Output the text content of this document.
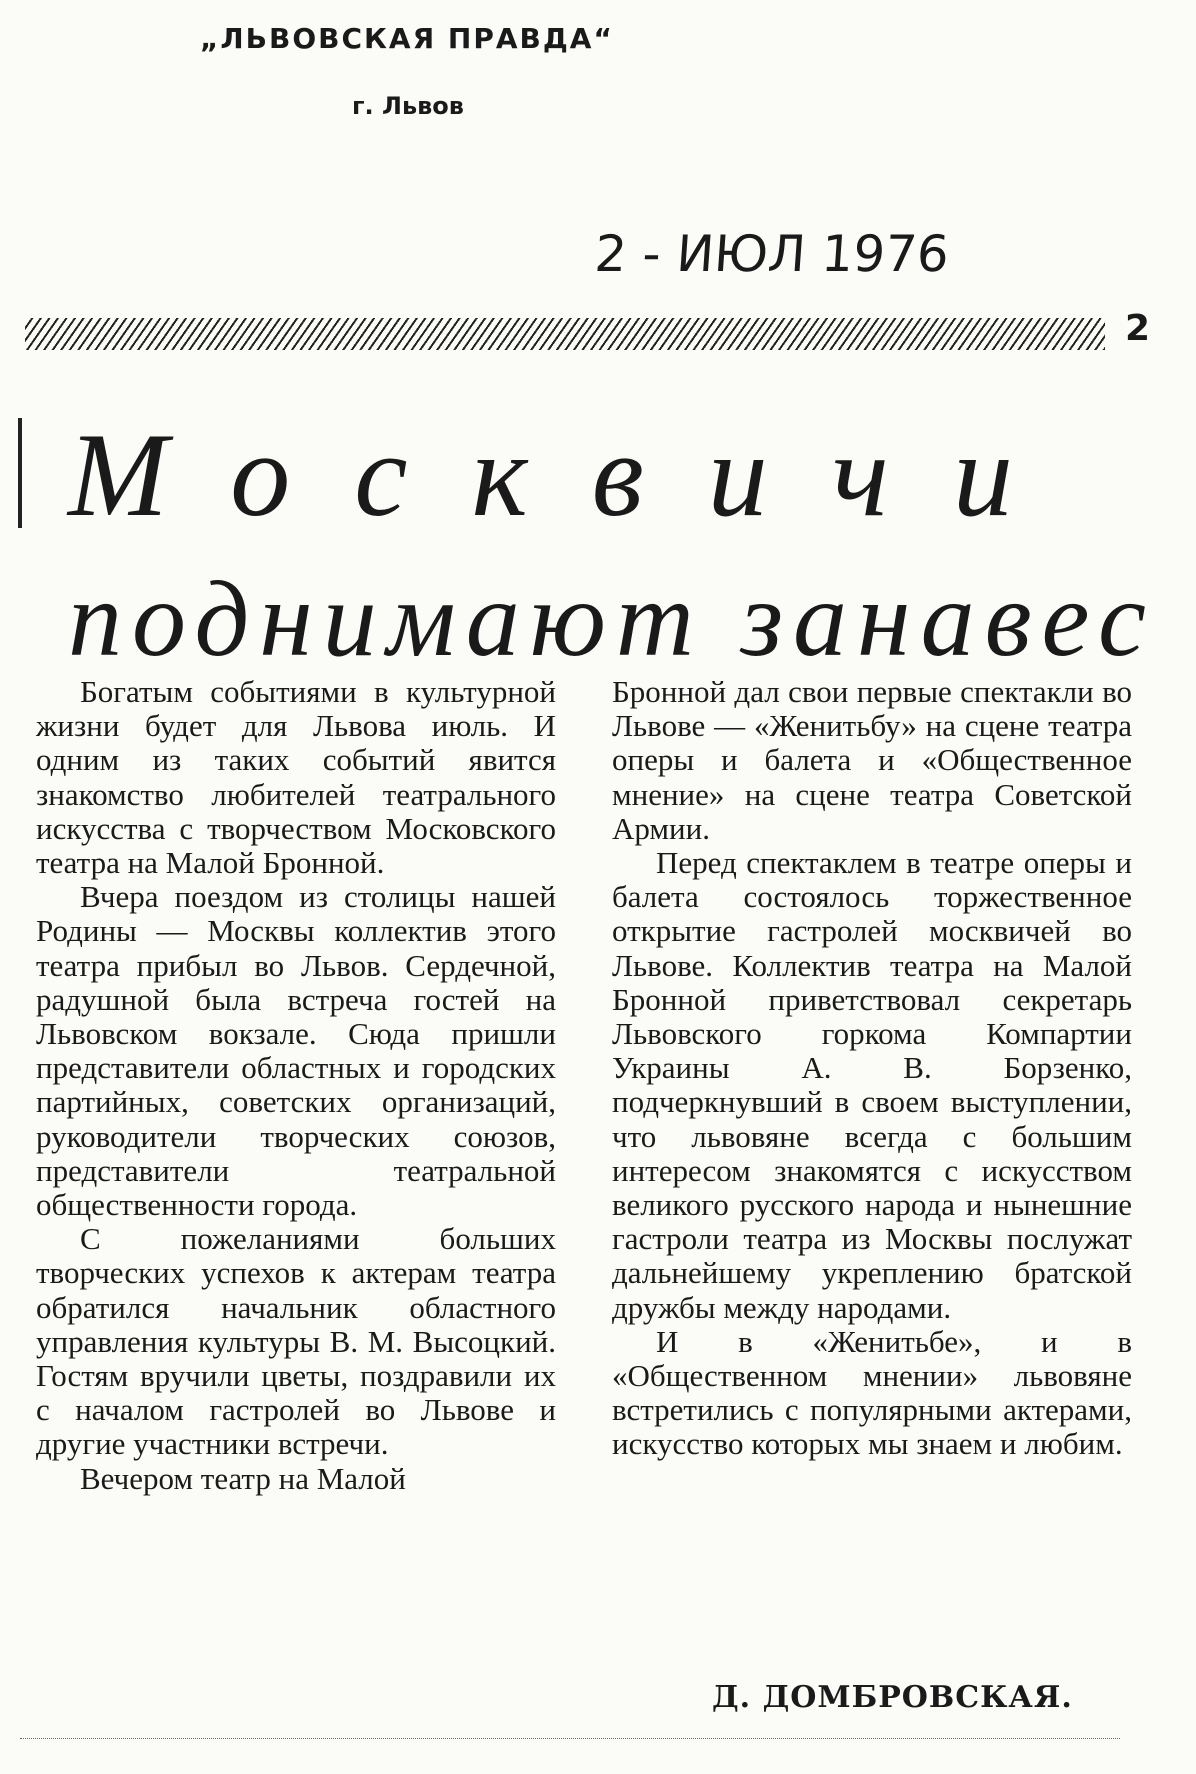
„ЛЬВОВСКАЯ ПРАВДА“
г. Львов
2 - ИЮЛ 1976
2
Москвичи
поднимают занавес

Богатым событиями в культурной жизни будет для Львова июль. И одним из таких событий явится знакомство любителей театрального искусства с творчеством Московского театра на Малой Бронной.

Вчера поездом из столицы нашей Родины — Москвы коллектив этого театра прибыл во Львов. Сердечной, радушной была встреча гостей на Львовском вокзале. Сюда пришли представители областных и городских партийных, советских организаций, руководители творческих союзов, представители театральной общественности города.

С пожеланиями больших творческих успехов к актерам театра обратился начальник областного управления культуры В. М. Высоцкий. Гостям вручили цветы, поздравили их с началом гастролей во Львове и другие участники встречи.

Вечером театр на Малой

Бронной дал свои первые спектакли во Львове — «Женитьбу» на сцене театра оперы и балета и «Общественное мнение» на сцене театра Советской Армии.

Перед спектаклем в театре оперы и балета состоялось торжественное открытие гастролей москвичей во Львове. Коллектив театра на Малой Бронной приветствовал секретарь Львовского горкома Компартии Украины А. В. Борзенко, подчеркнувший в своем выступлении, что львовяне всегда с большим интересом знакомятся с искусством великого русского народа и нынешние гастроли театра из Москвы послужат дальнейшему укреплению братской дружбы между народами.

И в «Женитьбе», и в «Общественном мнении» львовяне встретились с популярными актерами, искусство которых мы знаем и любим.

Д. ДОМБРОВСКАЯ.
